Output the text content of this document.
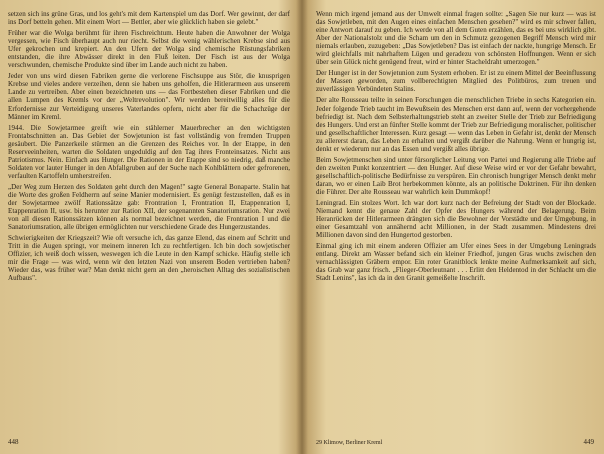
setzen sich ins grüne Gras, und los geht's mit dem Kartenspiel um das Dorf. Wer gewinnt, der darf ins Dorf betteln gehen. Mit einem Wort — Bettler, aber wie glücklich haben sie gelebt."

Früher war die Wolga berühmt für ihren Fischreichtum. Heute haben die Anwohner der Wolga vergessen, wie Fisch überhaupt auch nur riecht. Selbst die wenig wählerischen Krebse sind aus Ufer gekrochen und krepiert. An den Ufern der Wolga sind chemische Rüstungsfabriken entstanden, die ihre Abwässer direkt in den Fluß leiten. Der Fisch ist aus der Wolga verschwunden, chemische Produkte sind über im Lande auch nicht zu haben.

Jeder von uns wird diesen Fabriken gerne die verlorene Fischsuppe aus Stör, die knusprigen Krebse und vieles andere verzeihen, denn sie haben uns geholfen, die Hitlerarmeen aus unserem Lande zu vertreiben. Aber einen bezeichneten uns — das Fortbestehen dieser Fabriken und die allen Lumpen des Kremls vor der „Weltrevolution". Wir werden bereitwillig alles für die Erfordernisse zur Verteidigung unseres Vaterlandes opfern, nicht aber für die Schachzüge der Männer im Kreml.

1944. Die Sowjetarmee greift wie ein stählerner Mauerbrecher an den wichtigsten Frontabschnitten an. Das Gebiet der Sowjetunion ist fast vollständig von fremden Truppen gesäubert. Die Panzerkeile stürmen an die Grenzen des Reiches vor. In der Etappe, in den Reserveeinheiten, warten die Soldaten ungeduldig auf den Tag ihres Fronteinsatzes. Nicht aus Patriotismus. Nein. Einfach aus Hunger. Die Rationen in der Etappe sind so niedrig, daß manche Soldaten vor lauter Hunger in den Abfallgruben auf der Suche nach Kohlblättern oder gefrorenen, verfaulten Kartoffeln umherstreifen.

„Der Weg zum Herzen des Soldaten geht durch den Magen!" sagte General Bonaparte. Stalin hat die Worte des großen Feldherrn auf seine Manier modernisiert. Es genügt festzustellen, daß es in der Sowjetarmee zwölf Rationssätze gab: Frontration I, Frontration II, Etappenration I, Etappenration II, usw. bis herunter zur Ration XII, der sogenannten Sanatoriumsration. Nur zwei von all diesen Rationssätzen können als normal bezeichnet werden, die Frontration I und die Sanatoriumsration, alle übrigen ermöglichten nur verschiedene Grade des Hungerzustandes.

Schwierigkeiten der Kriegszeit? Wie oft versuche ich, das ganze Elend, das einem auf Schritt und Tritt in die Augen springt, vor meinem inneren Ich zu rechtfertigen. Ich bin doch sowjetischer Offizier, ich weiß doch wissen, weswegen ich die Leute in den Kampf schicke. Häufig stelle ich mir die Frage — was wird, wenn wir den letzten Nazi von unserem Boden vertrieben haben? Wieder das, was früher war? Man denkt nicht gern an den „heroischen Alltag des sozialistischen Aufbaus".

448

Wenn mich irgend jemand aus der Umwelt einmal fragen sollte: „Sagen Sie nur kurz — was ist das Sowjetleben, mit den Augen eines einfachen Menschen gesehen?" wird es mir schwer fallen, eine Antwort darauf zu geben. Ich werde von all dem Guten erzählen, das es bei uns wirklich gibt. Aber der Nationalstolz und die Scham um den in Schmutz gezogenen Begriff Mensch wird mir niemals erlauben, zuzugeben: „Das Sowjetleben? Das ist einfach der nackte, hungrige Mensch. Er wird gleichfalls mit nahrhaftem Lügen und geradezu von schönsten Hoffnungen. Wenn er sich über sein Glück nicht genügend freut, wird er hinter Stacheldraht umerzogen."

Der Hunger ist in der Sowjetunion zum System erhoben. Er ist zu einem Mittel der Beeinflussung der Massen geworden, zum vollberechtigten Mitglied des Politbüros, zum treuen und zuverlässigen Verbündeten Stalins.

Der alte Rousseau teilte in seinen Forschungen die menschlichen Triebe in sechs Kategorien ein. Jeder folgende Trieb taucht im Bewußtsein des Menschen erst dann auf, wenn der vorhergehende befriedigt ist. Nach dem Selbsterhaltungstrieb steht an zweiter Stelle der Trieb zur Befriedigung des Hungers. Und erst an fünfter Stelle kommt der Trieb zur Befriedigung moralischer, politischer und gesellschaftlicher Interessen. Kurz gesagt — wenn das Leben in Gefahr ist, denkt der Mensch zu allererst daran, das Leben zu erhalten und vergißt darüber die Nahrung. Wenn er hungrig ist, denkt er wiederum nur an das Essen und vergißt alles übrige.

Beim Sowjetmenschen sind unter fürsorglicher Leitung von Partei und Regierung alle Triebe auf den zweiten Punkt konzentriert — den Hunger. Auf diese Weise wird er vor der Gefahr bewahrt, gesellschaftlich-politische Bedürfnisse zu verspüren. Ein chronisch hungriger Mensch denkt mehr daran, wo er einen Laib Brot herbekommen könnte, als an politische Doktrinen. Für ihn denken die Führer. Der alte Rousseau war wahrlich kein Dummkopf!

Leningrad. Ein stolzes Wort. Ich war dort kurz nach der Befreiung der Stadt von der Blockade. Niemand kennt die genaue Zahl der Opfer des Hungers während der Belagerung. Beim Heranrücken der Hitlerarmeen drängten sich die Bewohner der Vorstädte und der Umgebung, in einer Gesamtzahl von annähernd acht Millionen, in der Stadt zusammen. Mindestens drei Millionen davon sind den Hungertod gestorben.

Einmal ging ich mit einem anderen Offizier am Ufer eines Sees in der Umgebung Leningrads entlang. Direkt am Wasser befand sich ein kleiner Friedhof, jungen Gras wuchs zwischen den vernachlässigten Gräbern empor. Ein roter Granitblock lenkte meine Aufmerksamkeit auf sich, das Grab war ganz frisch. „Flieger-Oberleutnant . . . Erlitt den Heldentod in der Schlacht um die Stadt Lenins", las ich da in den Granit gemeißelte Inschrift.

29 Klimow, Berliner Kreml	449
